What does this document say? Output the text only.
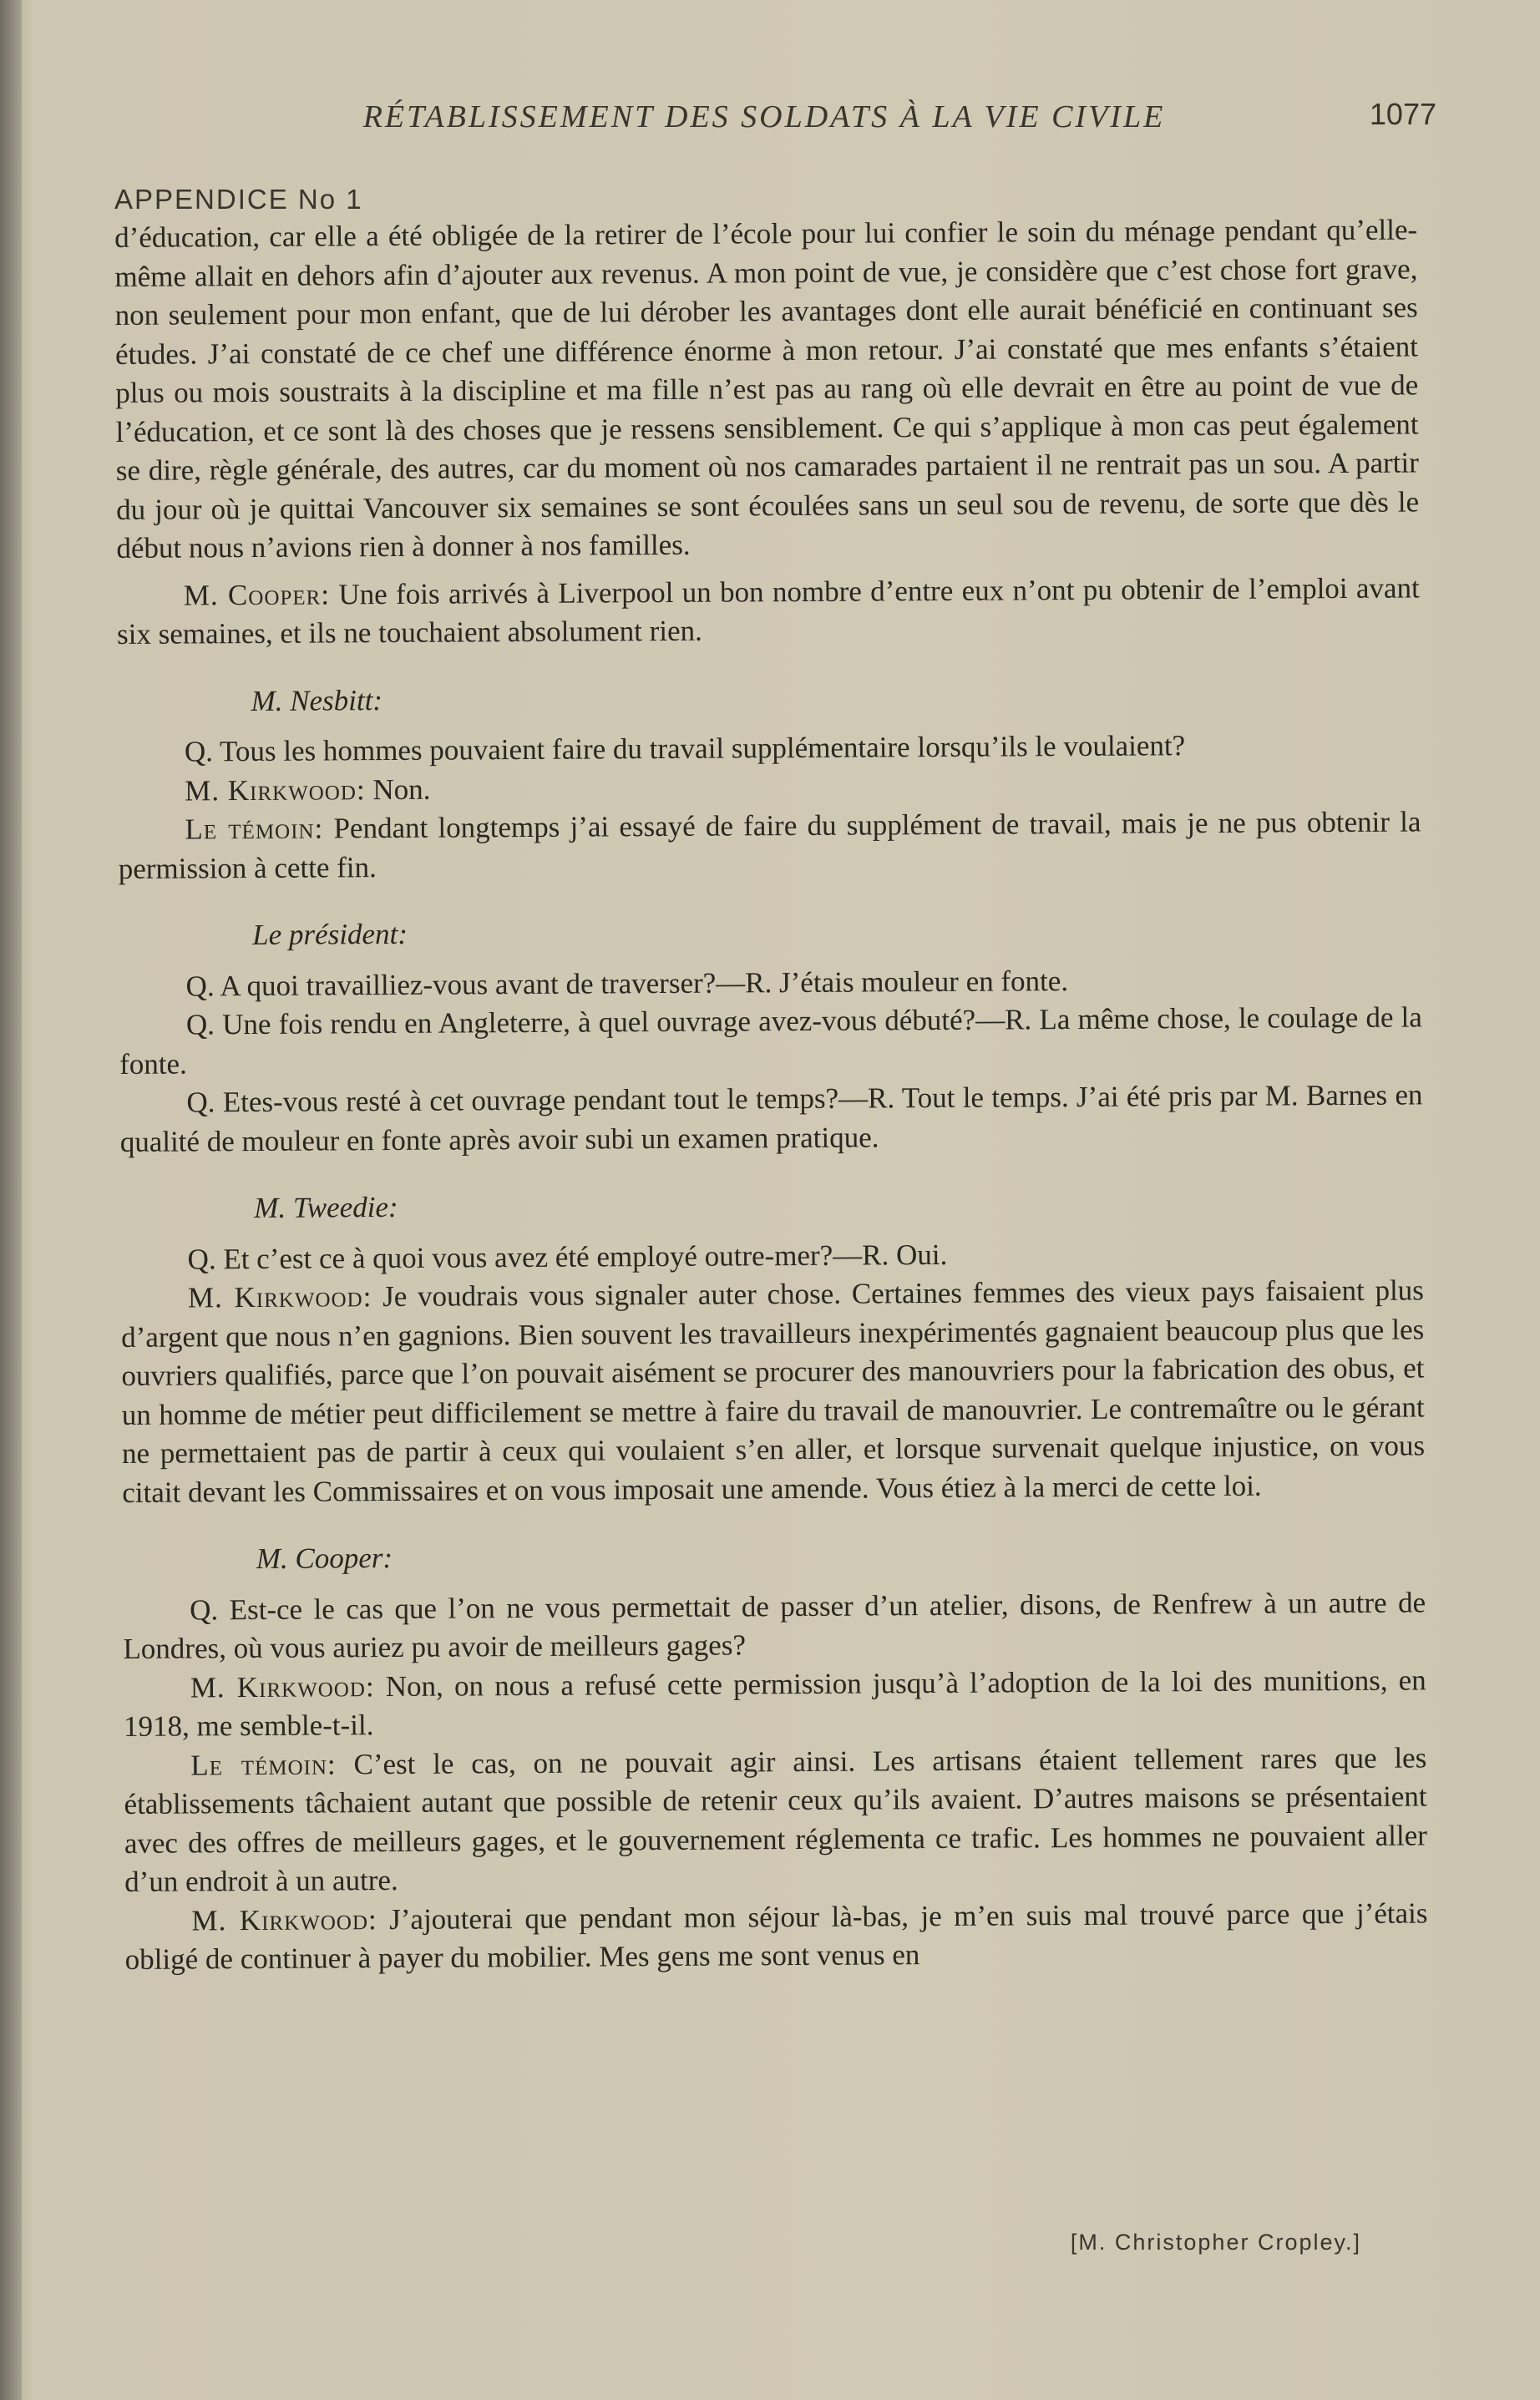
RÉTABLISSEMENT DES SOLDATS À LA VIE CIVILE	1077
APPENDICE No 1

d’éducation, car elle a été obligée de la retirer de l’école pour lui confier le soin du ménage pendant qu’elle-même allait en dehors afin d’ajouter aux revenus. A mon point de vue, je considère que c’est chose fort grave, non seulement pour mon enfant, que de lui dérober les avantages dont elle aurait bénéficié en continuant ses études. J’ai constaté de ce chef une différence énorme à mon retour. J’ai constaté que mes enfants s’étaient plus ou mois soustraits à la discipline et ma fille n’est pas au rang où elle devrait en être au point de vue de l’éducation, et ce sont là des choses que je ressens sensiblement. Ce qui s’applique à mon cas peut également se dire, règle générale, des autres, car du moment où nos camarades partaient il ne rentrait pas un sou. A partir du jour où je quittai Vancouver six semaines se sont écoulées sans un seul sou de revenu, de sorte que dès le début nous n’avions rien à donner à nos familles.

M. Cooper: Une fois arrivés à Liverpool un bon nombre d’entre eux n’ont pu obtenir de l’emploi avant six semaines, et ils ne touchaient absolument rien.

M. Nesbitt:

Q. Tous les hommes pouvaient faire du travail supplémentaire lorsqu’ils le voulaient?

M. Kirkwood: Non.

Le témoin: Pendant longtemps j’ai essayé de faire du supplément de travail, mais je ne pus obtenir la permission à cette fin.

Le président:

Q. A quoi travailliez-vous avant de traverser?—R. J’étais mouleur en fonte.

Q. Une fois rendu en Angleterre, à quel ouvrage avez-vous débuté?—R. La même chose, le coulage de la fonte.

Q. Etes-vous resté à cet ouvrage pendant tout le temps?—R. Tout le temps. J’ai été pris par M. Barnes en qualité de mouleur en fonte après avoir subi un examen pratique.

M. Tweedie:

Q. Et c’est ce à quoi vous avez été employé outre-mer?—R. Oui.

M. Kirkwood: Je voudrais vous signaler auter chose. Certaines femmes des vieux pays faisaient plus d’argent que nous n’en gagnions. Bien souvent les travailleurs inexpérimentés gagnaient beaucoup plus que les ouvriers qualifiés, parce que l’on pouvait aisément se procurer des manouvriers pour la fabrication des obus, et un homme de métier peut difficilement se mettre à faire du travail de manouvrier. Le contremaître ou le gérant ne permettaient pas de partir à ceux qui voulaient s’en aller, et lorsque survenait quelque injustice, on vous citait devant les Commissaires et on vous imposait une amende. Vous étiez à la merci de cette loi.

M. Cooper:

Q. Est-ce le cas que l’on ne vous permettait de passer d’un atelier, disons, de Renfrew à un autre de Londres, où vous auriez pu avoir de meilleurs gages?

M. Kirkwood: Non, on nous a refusé cette permission jusqu’à l’adoption de la loi des munitions, en 1918, me semble-t-il.

Le témoin: C’est le cas, on ne pouvait agir ainsi. Les artisans étaient tellement rares que les établissements tâchaient autant que possible de retenir ceux qu’ils avaient. D’autres maisons se présentaient avec des offres de meilleurs gages, et le gouvernement réglementa ce trafic. Les hommes ne pouvaient aller d’un endroit à un autre.

M. Kirkwood: J’ajouterai que pendant mon séjour là-bas, je m’en suis mal trouvé parce que j’étais obligé de continuer à payer du mobilier. Mes gens me sont venus en

[M. Christopher Cropley.]
